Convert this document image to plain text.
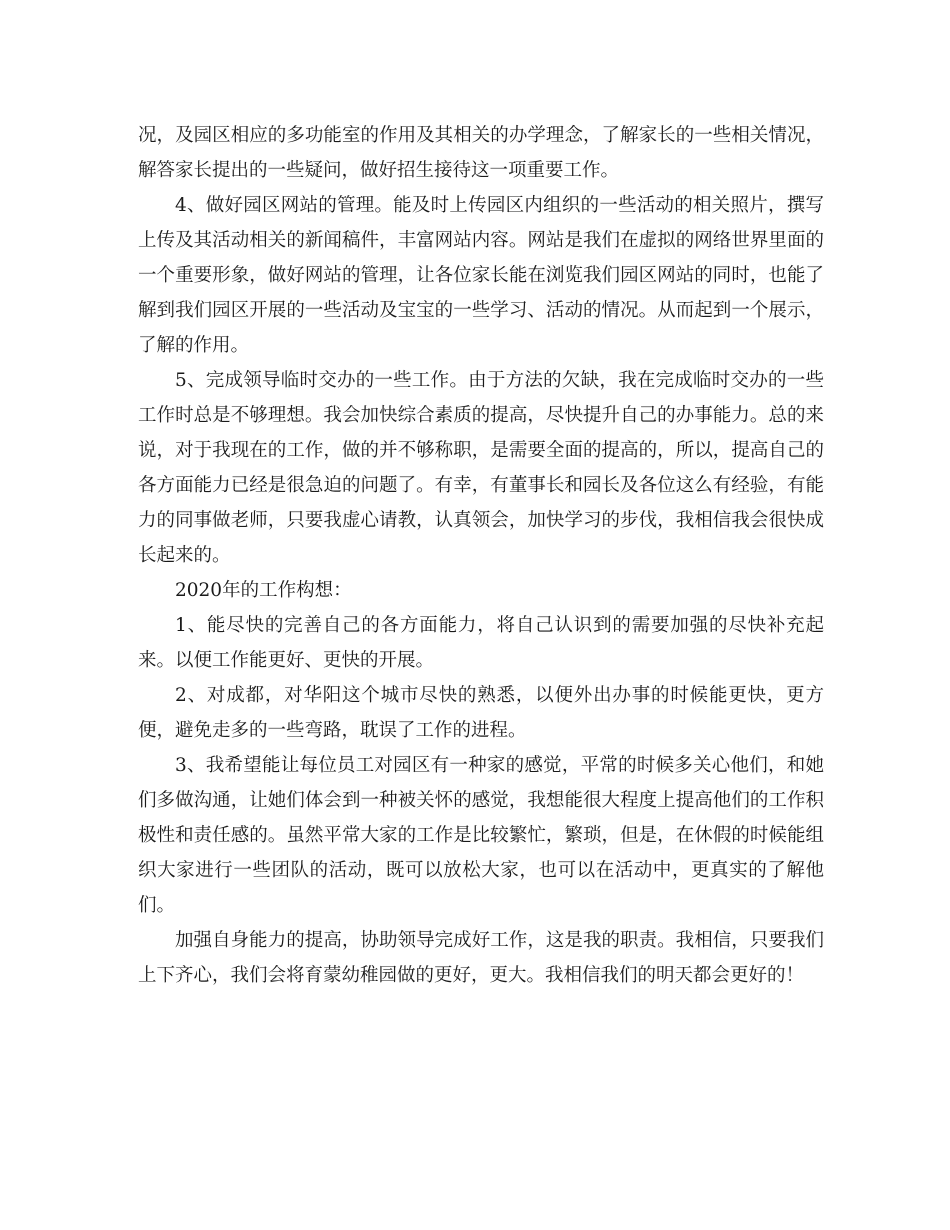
况，及园区相应的多功能室的作用及其相关的办学理念，了解家长的一些相关情况，解答家长提出的一些疑问，做好招生接待这一项重要工作。

4、做好园区网站的管理。能及时上传园区内组织的一些活动的相关照片，撰写上传及其活动相关的新闻稿件，丰富网站内容。网站是我们在虚拟的网络世界里面的一个重要形象，做好网站的管理，让各位家长能在浏览我们园区网站的同时，也能了解到我们园区开展的一些活动及宝宝的一些学习、活动的情况。从而起到一个展示，了解的作用。

5、完成领导临时交办的一些工作。由于方法的欠缺，我在完成临时交办的一些工作时总是不够理想。我会加快综合素质的提高，尽快提升自己的办事能力。总的来说，对于我现在的工作，做的并不够称职，是需要全面的提高的，所以，提高自己的各方面能力已经是很急迫的问题了。有幸，有董事长和园长及各位这么有经验，有能力的同事做老师，只要我虚心请教，认真领会，加快学习的步伐，我相信我会很快成长起来的。

2020年的工作构想：

1、能尽快的完善自己的各方面能力，将自己认识到的需要加强的尽快补充起来。以便工作能更好、更快的开展。

2、对成都，对华阳这个城市尽快的熟悉，以便外出办事的时候能更快，更方便，避免走多的一些弯路，耽误了工作的进程。

3、我希望能让每位员工对园区有一种家的感觉，平常的时候多关心他们，和她们多做沟通，让她们体会到一种被关怀的感觉，我想能很大程度上提高他们的工作积极性和责任感的。虽然平常大家的工作是比较繁忙，繁琐，但是，在休假的时候能组织大家进行一些团队的活动，既可以放松大家，也可以在活动中，更真实的了解他们。

加强自身能力的提高，协助领导完成好工作，这是我的职责。我相信，只要我们上下齐心，我们会将育蒙幼稚园做的更好，更大。我相信我们的明天都会更好的！
